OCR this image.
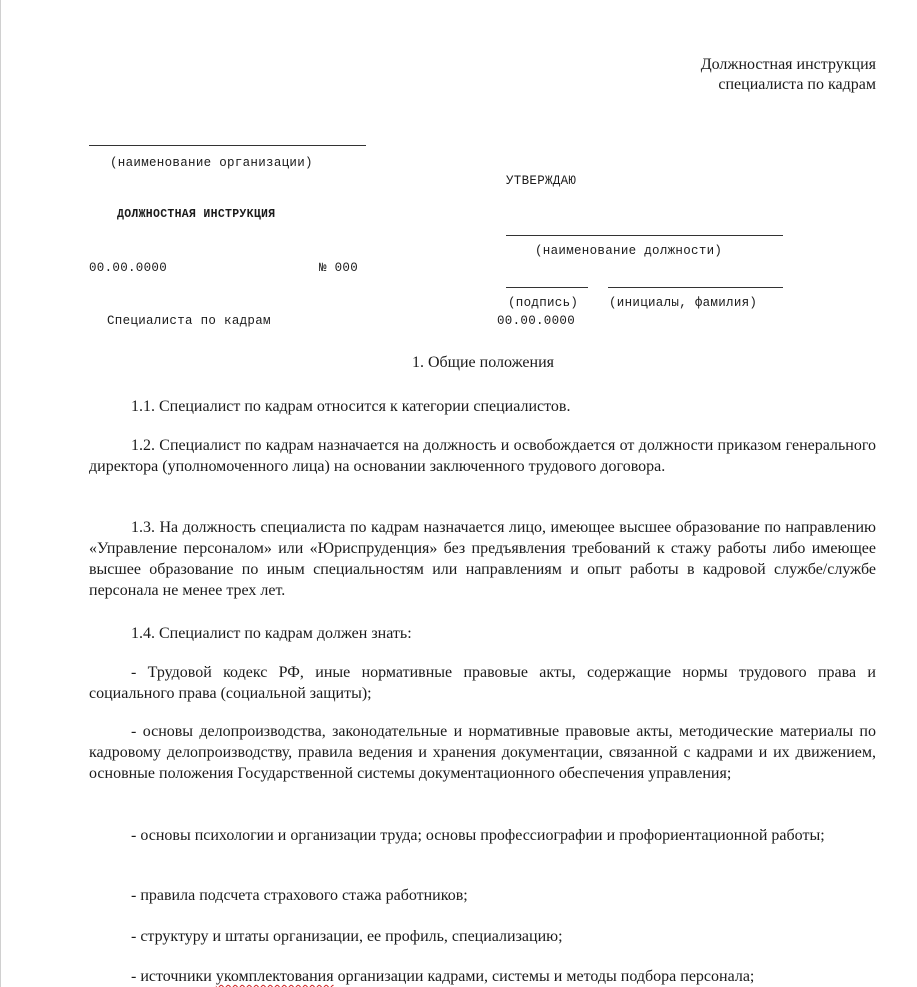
Должностная инструкция
специалиста по кадрам
(наименование организации)
ДОЛЖНОСТНАЯ ИНСТРУКЦИЯ
00.00.0000	№ 000
Специалиста по кадрам
УТВЕРЖДАЮ
(наименование должности)
(подпись) (инициалы, фамилия)
00.00.0000
1. Общие положения

1.1. Специалист по кадрам относится к категории специалистов.

1.2. Специалист по кадрам назначается на должность и освобождается от должности приказом генерального директора (уполномоченного лица) на основании заключенного трудового договора.

1.3. На должность специалиста по кадрам назначается лицо, имеющее высшее образование по направлению «Управление персоналом» или «Юриспруденция» без предъявления требований к стажу работы либо имеющее высшее образование по иным специальностям или направлениям и опыт работы в кадровой службе/службе персонала не менее трех лет.

1.4. Специалист по кадрам должен знать:

- Трудовой кодекс РФ, иные нормативные правовые акты, содержащие нормы трудового права и социального права (социальной защиты);

- основы делопроизводства, законодательные и нормативные правовые акты, методические материалы по кадровому делопроизводству, правила ведения и хранения документации, связанной с кадрами и их движением, основные положения Государственной системы документационного обеспечения управления;

- основы психологии и организации труда; основы профессиографии и профориентационной работы;

- правила подсчета страхового стажа работников;

- структуру и штаты организации, ее профиль, специализацию;

- источники укомплектования организации кадрами, системы и методы подбора персонала;
